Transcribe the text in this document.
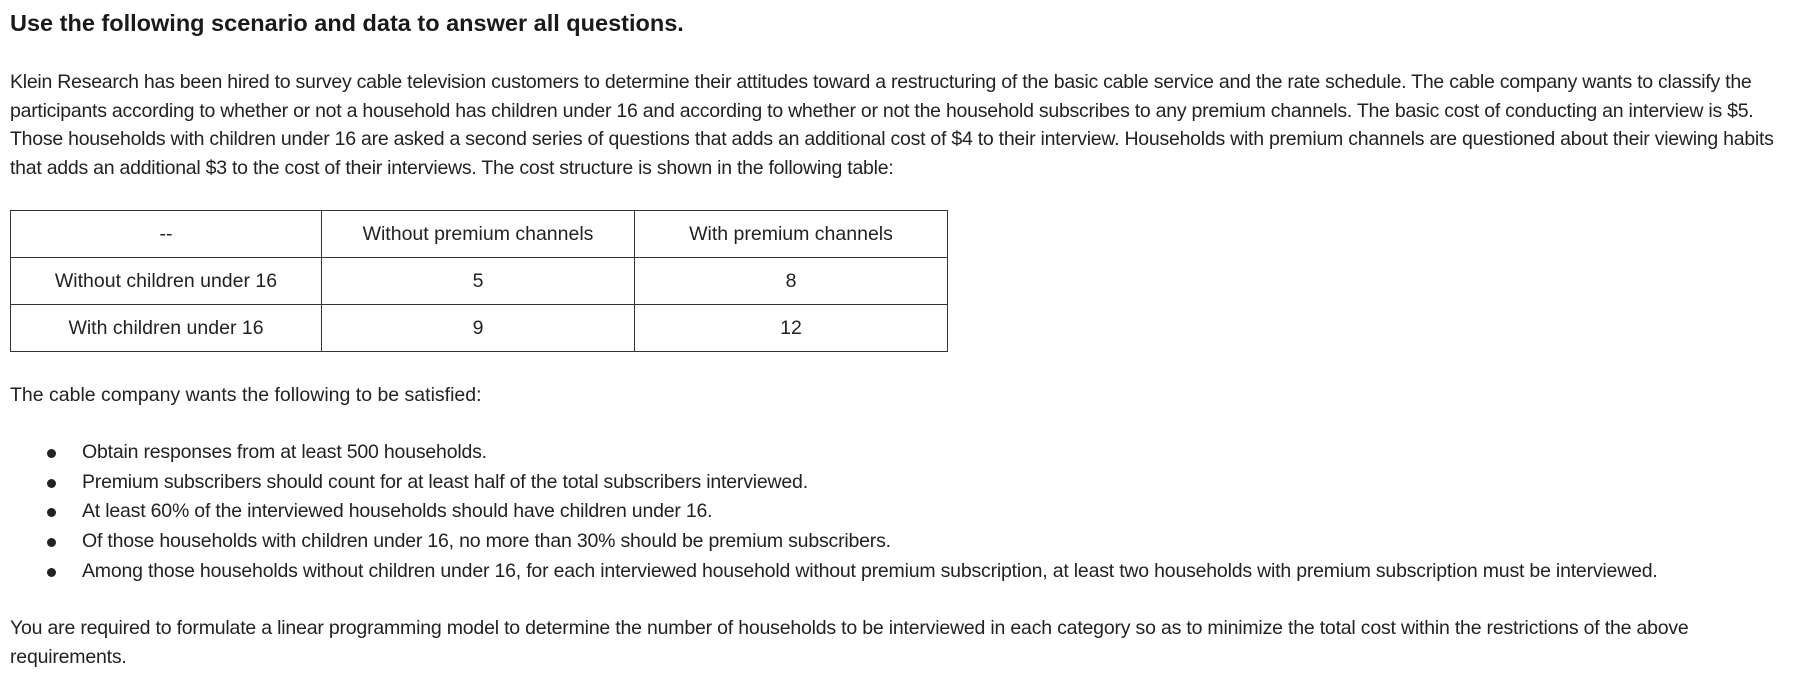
Use the following scenario and data to answer all questions.

Klein Research has been hired to survey cable television customers to determine their attitudes toward a restructuring of the basic cable service and the rate schedule. The cable company wants to classify the participants according to whether or not a household has children under 16 and according to whether or not the household subscribes to any premium channels. The basic cost of conducting an interview is $5. Those households with children under 16 are asked a second series of questions that adds an additional cost of $4 to their interview. Households with premium channels are questioned about their viewing habits that adds an additional $3 to the cost of their interviews. The cost structure is shown in the following table:

--	Without premium channels	With premium channels
Without children under 16	5	8
With children under 16	9	12

The cable company wants the following to be satisfied:

Obtain responses from at least 500 households.
Premium subscribers should count for at least half of the total subscribers interviewed.
At least 60% of the interviewed households should have children under 16.
Of those households with children under 16, no more than 30% should be premium subscribers.
Among those households without children under 16, for each interviewed household without premium subscription, at least two households with premium subscription must be interviewed.

You are required to formulate a linear programming model to determine the number of households to be interviewed in each category so as to minimize the total cost within the restrictions of the above requirements.
